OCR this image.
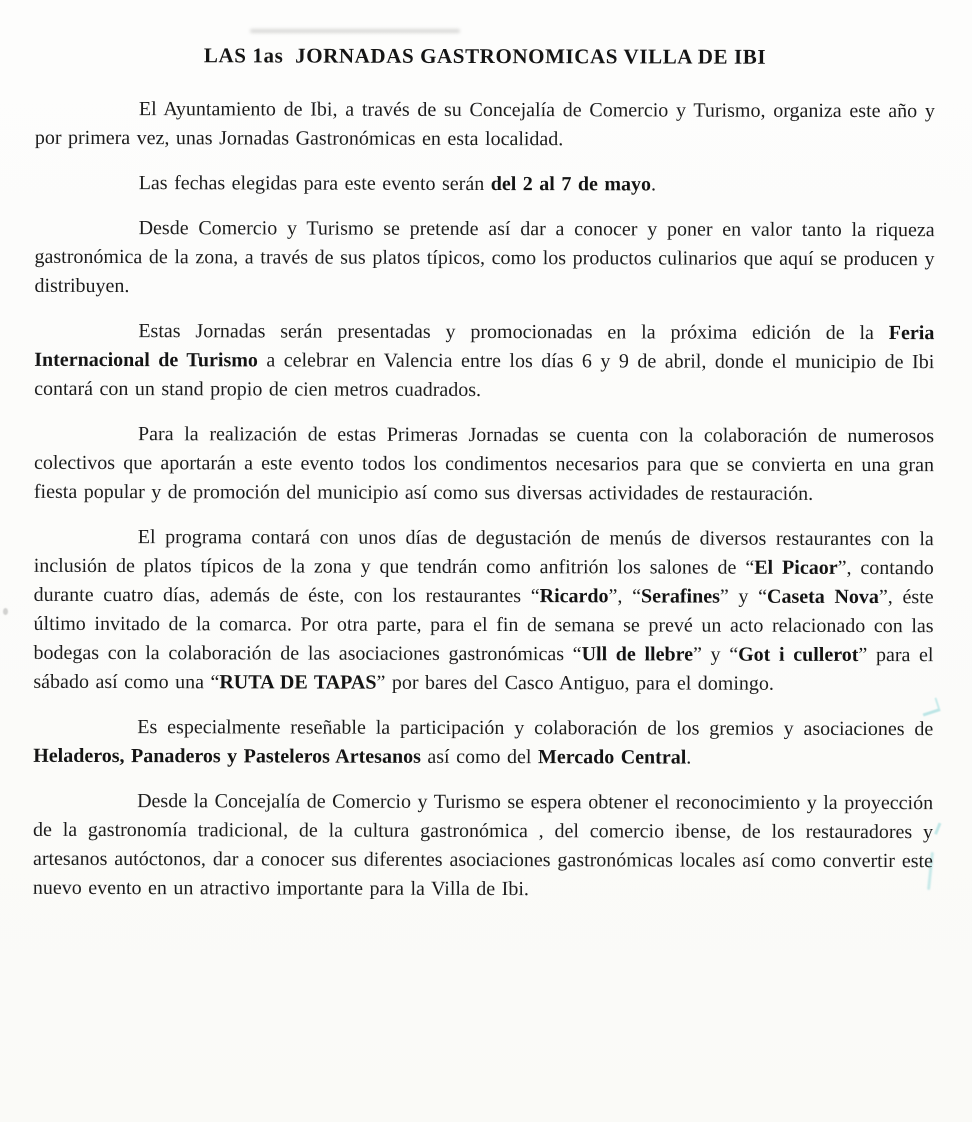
LAS 1as  JORNADAS GASTRONOMICAS VILLA DE IBI

El Ayuntamiento de Ibi, a través de su Concejalía de Comercio y Turismo, organiza este año y por primera vez, unas Jornadas Gastronómicas en esta localidad.

Las fechas elegidas para este evento serán del 2 al 7 de mayo.

Desde Comercio y Turismo se pretende así dar a conocer y poner en valor tanto la riqueza gastronómica de la zona, a través de sus platos típicos, como los productos culinarios que aquí se producen y distribuyen.

Estas Jornadas serán presentadas y promocionadas en la próxima edición de la Feria Internacional de Turismo a celebrar en Valencia entre los días 6 y 9 de abril, donde el municipio de Ibi contará con un stand propio de cien metros cuadrados.

Para la realización de estas Primeras Jornadas se cuenta con la colaboración de numerosos colectivos que aportarán a este evento todos los condimentos necesarios para que se convierta en una gran fiesta popular y de promoción del municipio así como sus diversas actividades de restauración.

El programa contará con unos días de degustación de menús de diversos restaurantes con la inclusión de platos típicos de la zona y que tendrán como anfitrión los salones de “El Picaor”, contando durante cuatro días, además de éste, con los restaurantes “Ricardo”, “Serafines” y “Caseta Nova”, éste último invitado de la comarca. Por otra parte, para el fin de semana se prevé un acto relacionado con las bodegas con la colaboración de las asociaciones gastronómicas “Ull de llebre” y “Got i cullerot” para el sábado así como una “RUTA DE TAPAS” por bares del Casco Antiguo, para el domingo.

Es especialmente reseñable la participación y colaboración de los gremios y asociaciones de Heladeros, Panaderos y Pasteleros Artesanos así como del Mercado Central.

Desde la Concejalía de Comercio y Turismo se espera obtener el reconocimiento y la proyección de la gastronomía tradicional, de la cultura gastronómica , del comercio ibense, de los restauradores y artesanos autóctonos, dar a conocer sus diferentes asociaciones gastronómicas locales así como convertir este nuevo evento en un atractivo importante para la Villa de Ibi.
